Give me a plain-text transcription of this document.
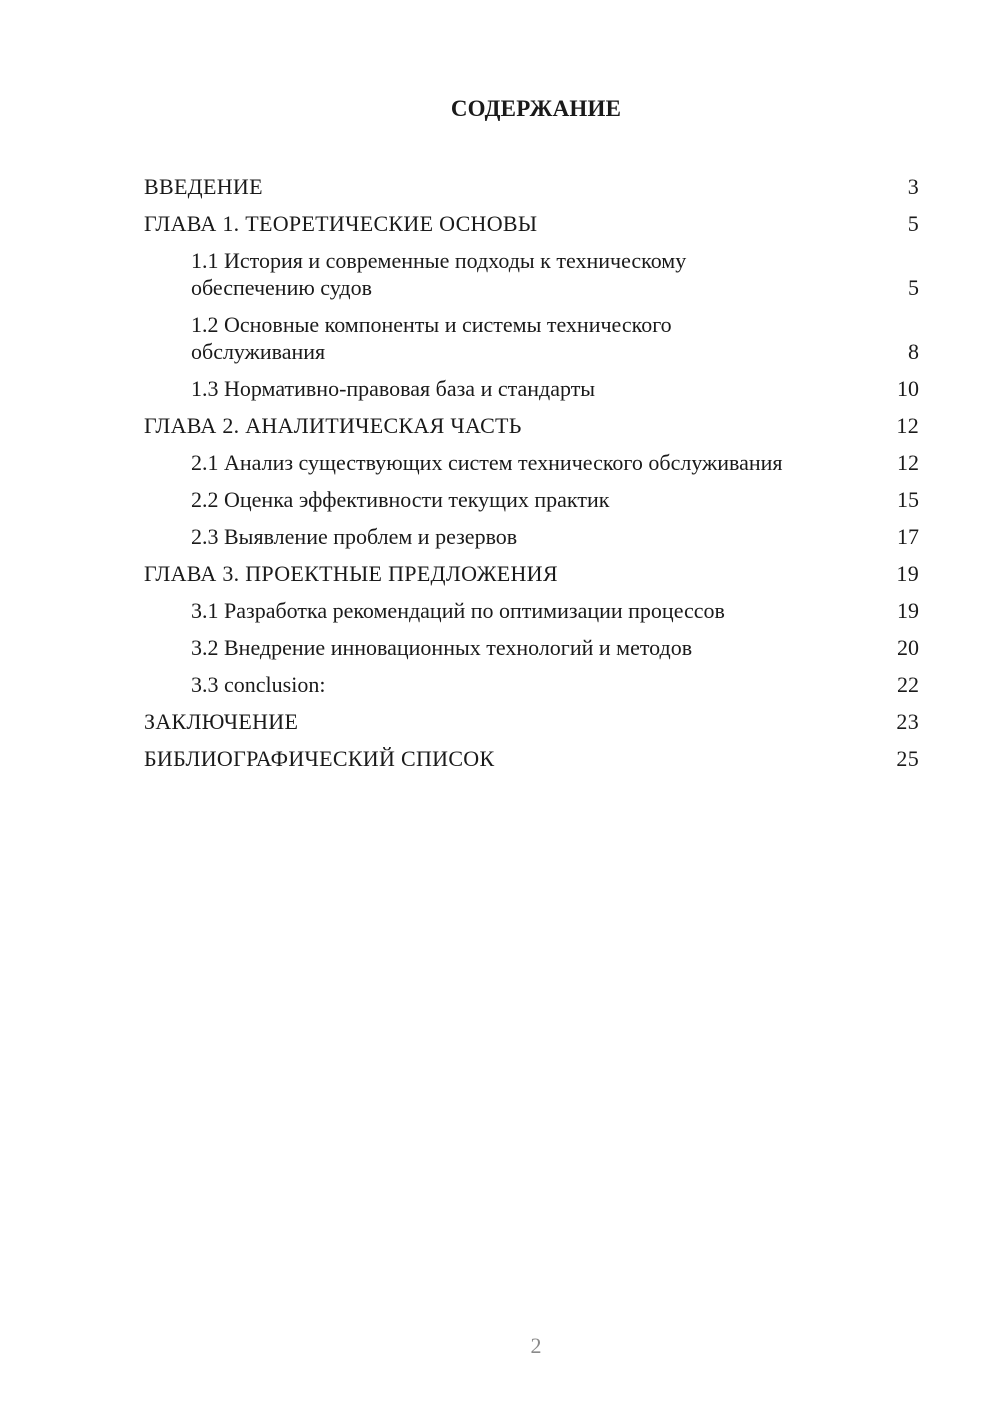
СОДЕРЖАНИЕ
ВВЕДЕНИЕ	3
ГЛАВА 1. ТЕОРЕТИЧЕСКИЕ ОСНОВЫ	5
1.1 История и современные подходы к техническому обеспечению судов	5
1.2 Основные компоненты и системы технического обслуживания	8
1.3 Нормативно-правовая база и стандарты	10
ГЛАВА 2. АНАЛИТИЧЕСКАЯ ЧАСТЬ	12
2.1 Анализ существующих систем технического обслуживания	12
2.2 Оценка эффективности текущих практик	15
2.3 Выявление проблем и резервов	17
ГЛАВА 3. ПРОЕКТНЫЕ ПРЕДЛОЖЕНИЯ	19
3.1 Разработка рекомендаций по оптимизации процессов	19
3.2 Внедрение инновационных технологий и методов	20
3.3 conclusion:	22
ЗАКЛЮЧЕНИЕ	23
БИБЛИОГРАФИЧЕСКИЙ СПИСОК	25

2
